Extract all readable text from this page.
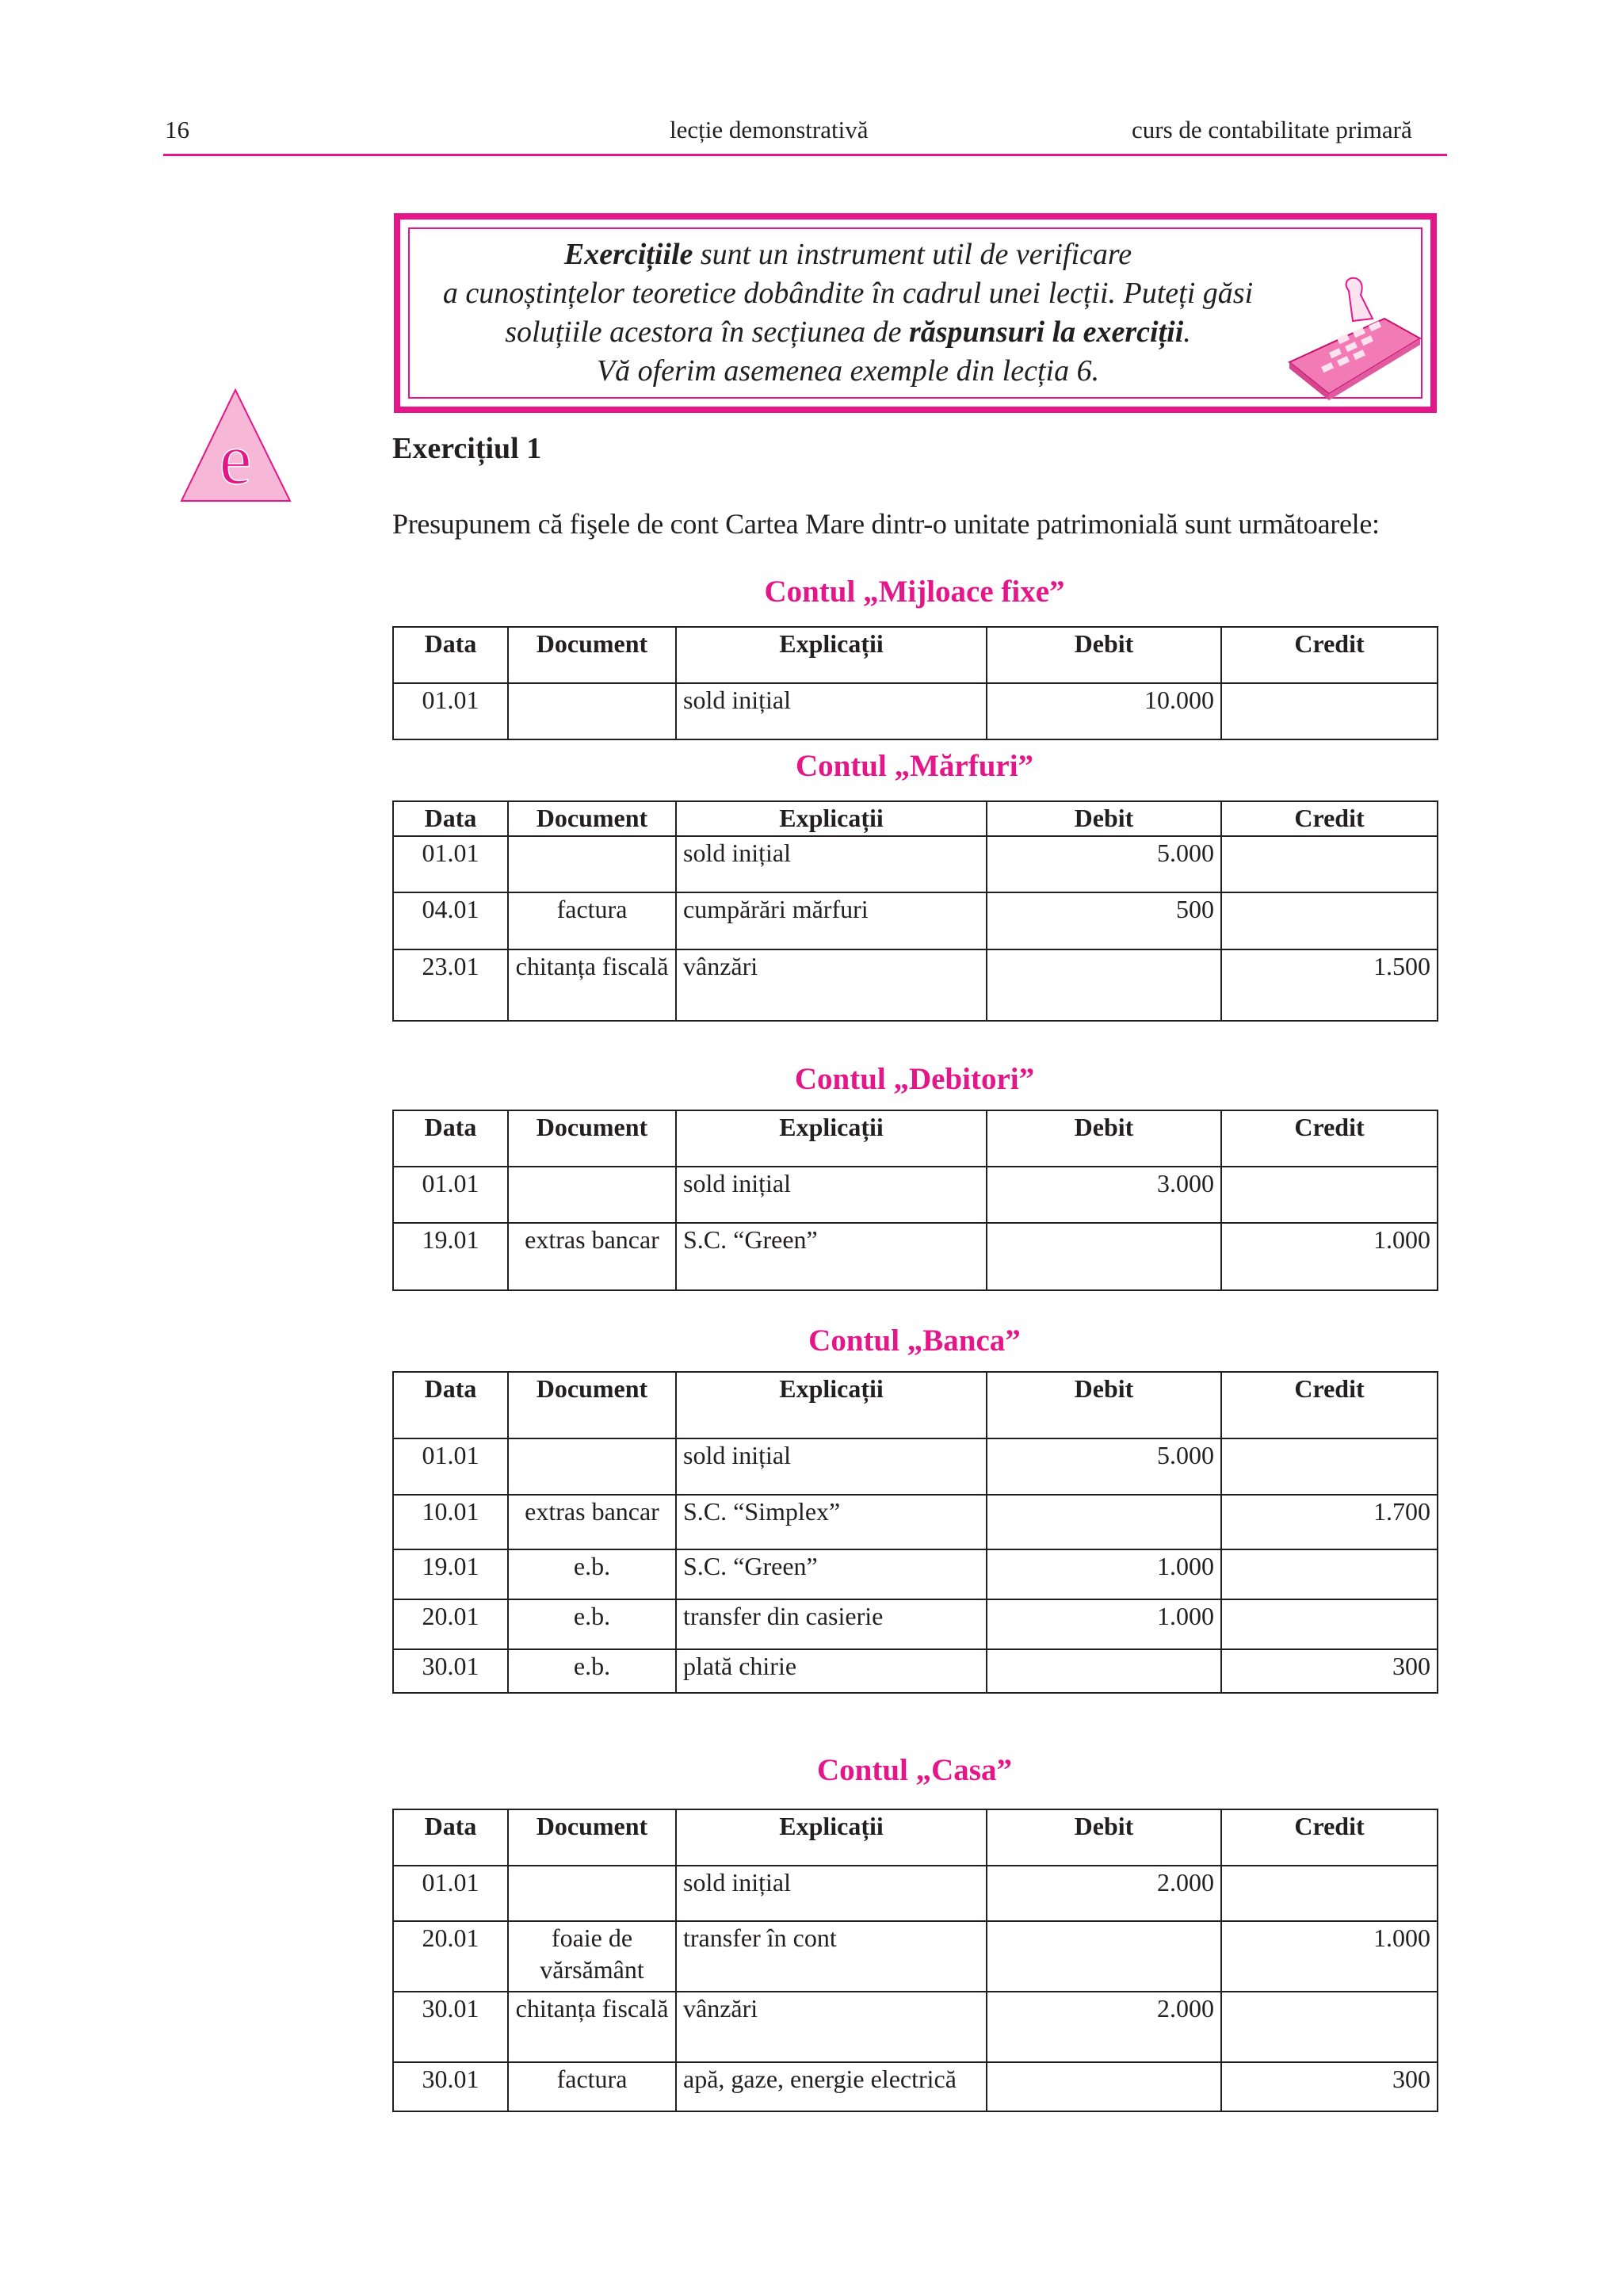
16	lecție demonstrativă	curs de contabilitate primară
Exercițiile sunt un instrument util de verificare
a cunoștințelor teoretice dobândite în cadrul unei lecții. Puteți găsi
soluțiile acestora în secțiunea de răspunsuri la exerciții.
Vă oferim asemenea exemple din lecția 6.
e	Exercițiul 1
Presupunem că fişele de cont Cartea Mare dintr-o unitate patrimonială sunt următoarele:
Contul „Mijloace fixe”
Data	Document	Explicații	Debit	Credit
01.01		sold inițial	10.000	
Contul „Mărfuri”
Data	Document	Explicații	Debit	Credit
01.01		sold inițial	5.000	
04.01	factura	cumpărări mărfuri	500	
23.01	chitanța fiscală	vânzări		1.500
Contul „Debitori”
Data	Document	Explicații	Debit	Credit
01.01		sold inițial	3.000	
19.01	extras bancar	S.C. “Green”		1.000
Contul „Banca”
Data	Document	Explicații	Debit	Credit
01.01		sold inițial	5.000	
10.01	extras bancar	S.C. “Simplex”		1.700
19.01	e.b.	S.C. “Green”	1.000	
20.01	e.b.	transfer din casierie	1.000	
30.01	e.b.	plată chirie		300
Contul „Casa”
Data	Document	Explicații	Debit	Credit
01.01		sold inițial	2.000	
20.01	foaie de vărsământ	transfer în cont		1.000
30.01	chitanța fiscală	vânzări	2.000	
30.01	factura	apă, gaze, energie electrică		300
